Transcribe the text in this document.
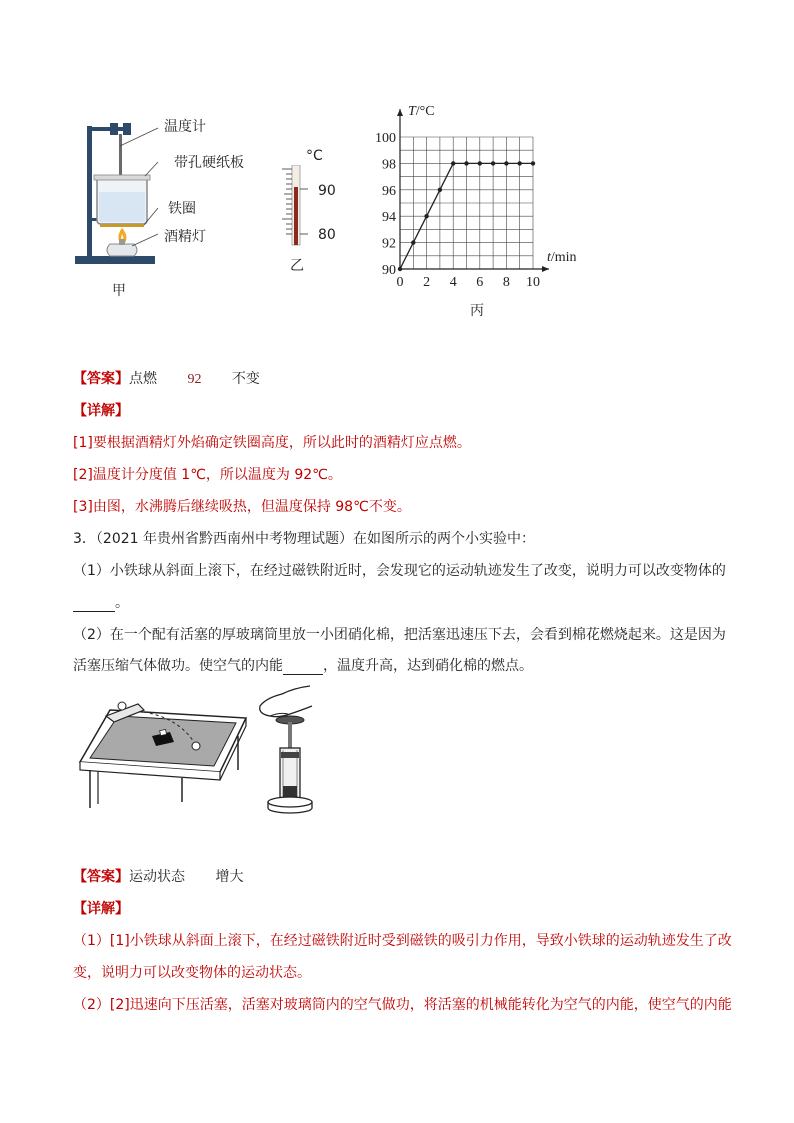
温度计
带孔硬纸板
铁圈
酒精灯
甲
°C
90
80
乙
0 2 4 6 8 10
90
92
94
96
98
100
T/°C
t/min
丙
【答案】点燃 92 不变
【详解】
[1]要根据酒精灯外焰确定铁圈高度，所以此时的酒精灯应点燃。
[2]温度计分度值 1℃，所以温度为 92℃。
[3]由图，水沸腾后继续吸热，但温度保持 98℃不变。
3．（2021 年贵州省黔西南州中考物理试题）在如图所示的两个小实验中：
（1）小铁球从斜面上滚下，在经过磁铁附近时，会发现它的运动轨迹发生了改变，说明力可以改变物体的
。
（2）在一个配有活塞的厚玻璃筒里放一小团硝化棉，把活塞迅速压下去，会看到棉花燃烧起来。这是因为
活塞压缩气体做功。使空气的内能	，温度升高，达到硝化棉的燃点。
【答案】运动状态 增大
【详解】
（1）[1]小铁球从斜面上滚下，在经过磁铁附近时受到磁铁的吸引力作用，导致小铁球的运动轨迹发生了改
变，说明力可以改变物体的运动状态。
（2）[2]迅速向下压活塞，活塞对玻璃筒内的空气做功，将活塞的机械能转化为空气的内能，使空气的内能
